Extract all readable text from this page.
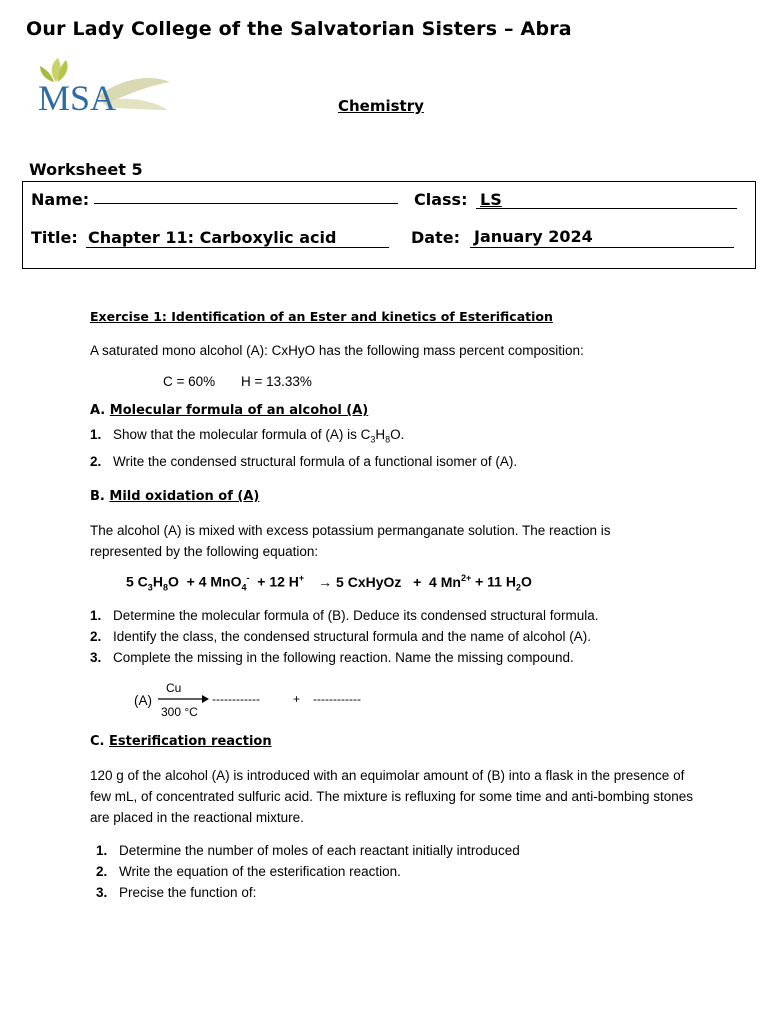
Our Lady College of the Salvatorian Sisters – Abra
MSA	Chemistry
Worksheet 5
Name:	Class: LS
Title: Chapter 11: Carboxylic acid	Date: January 2024
Exercise 1: Identification of an Ester and kinetics of Esterification
A saturated mono alcohol (A): CxHyO has the following mass percent composition:
C = 60% H = 13.33%
A. Molecular formula of an alcohol (A)
1. Show that the molecular formula of (A) is $C_3H_8O$.
2. Write the condensed structural formula of a functional isomer of (A).
B. Mild oxidation of (A)
The alcohol (A) is mixed with excess potassium permanganate solution. The reaction is represented by the following equation:
5 $C_3H_8O + 4$ MnO$_4$-  + 12 H+ → 5 CxHyOz   +  4 $Mn^{2+} + 11$ $H_2O$
1. Determine the molecular formula of (B). Deduce its condensed structural formula.
2. Identify the class, the condensed structural formula and the name of alcohol (A).
3. Complete the missing in the following reaction. Name the missing compound.
(A)
Cu
300 °C
------------	+ ------------
C. Esterification reaction
120 g of the alcohol (A) is introduced with an equimolar amount of (B) into a flask in the presence of few mL, of concentrated sulfuric acid. The mixture is refluxing for some time and anti-bombing stones are placed in the reactional mixture.
1. Determine the number of moles of each reactant initially introduced
2. Write the equation of the esterification reaction.
3. Precise the function of:
